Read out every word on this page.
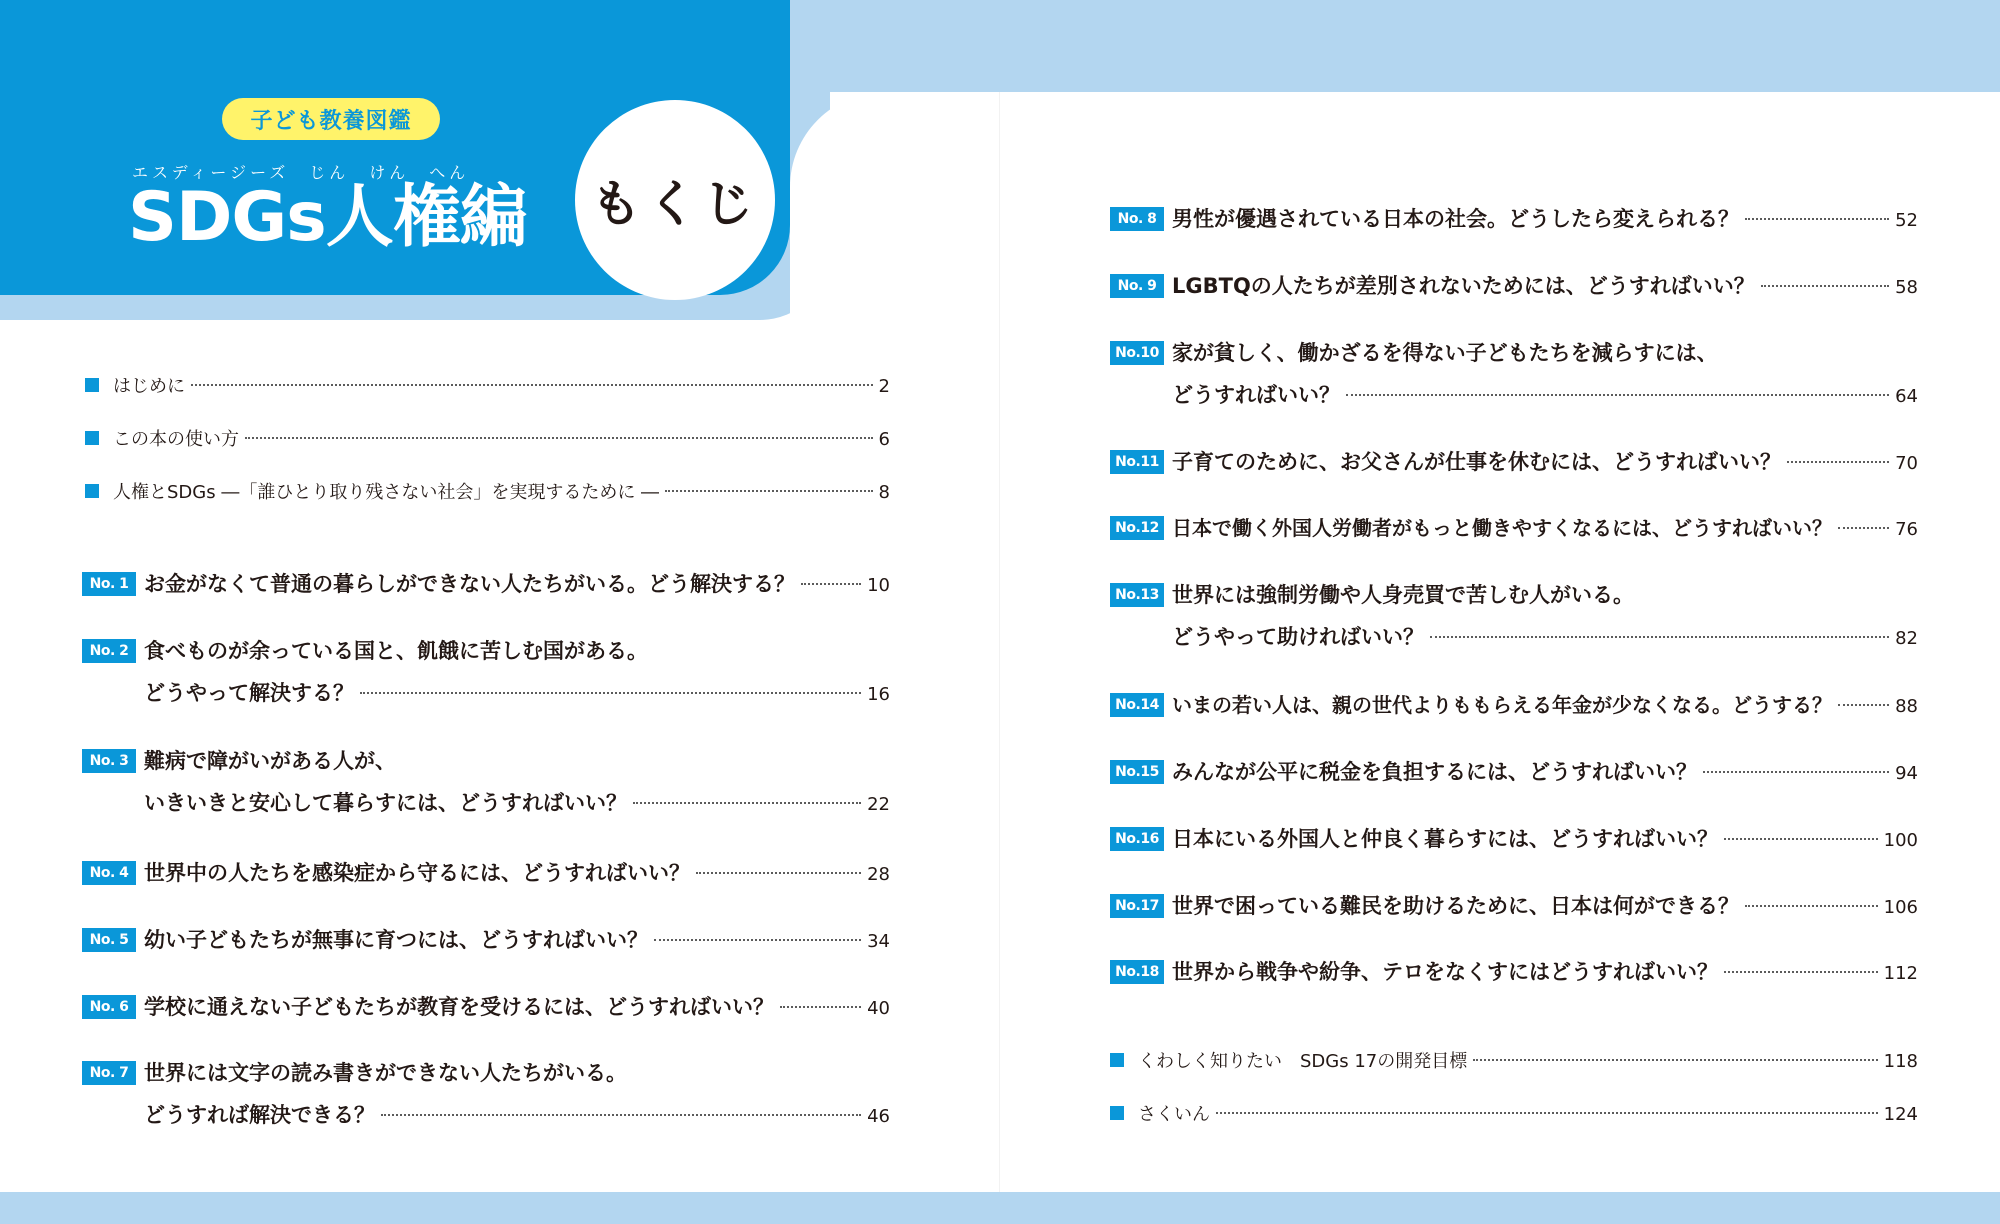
子ども教養図鑑
エスディージーズ　じん　けん　へん
SDGs人権編 もくじ
はじめに	2
この本の使い方	6
人権とSDGs ―「誰ひとり取り残さない社会」を実現するために ―	8
No. 1 お金がなくて普通の暮らしができない人たちがいる。どう解決する？	10
No. 2 食べものが余っている国と、飢餓に苦しむ国がある。
どうやって解決する？	16
No. 3 難病で障がいがある人が、
いきいきと安心して暮らすには、どうすればいい？	22
No. 4 世界中の人たちを感染症から守るには、どうすればいい？	28
No. 5 幼い子どもたちが無事に育つには、どうすればいい？	34
No. 6 学校に通えない子どもたちが教育を受けるには、どうすればいい？	40
No. 7 世界には文字の読み書きができない人たちがいる。
どうすれば解決できる？	46
No. 8 男性が優遇されている日本の社会。どうしたら変えられる？	52
No. 9 LGBTQの人たちが差別されないためには、どうすればいい？	58
No.10 家が貧しく、働かざるを得ない子どもたちを減らすには、
どうすればいい？	64
No.11 子育てのために、お父さんが仕事を休むには、どうすればいい？	70
No.12 日本で働く外国人労働者がもっと働きやすくなるには、どうすればいい？	76
No.13 世界には強制労働や人身売買で苦しむ人がいる。
どうやって助ければいい？	82
No.14 いまの若い人は、親の世代よりももらえる年金が少なくなる。どうする？	88
No.15 みんなが公平に税金を負担するには、どうすればいい？	94
No.16 日本にいる外国人と仲良く暮らすには、どうすればいい？	100
No.17 世界で困っている難民を助けるために、日本は何ができる？	106
No.18 世界から戦争や紛争、テロをなくすにはどうすればいい？	112
くわしく知りたい　SDGs 17の開発目標	118
さくいん	124
